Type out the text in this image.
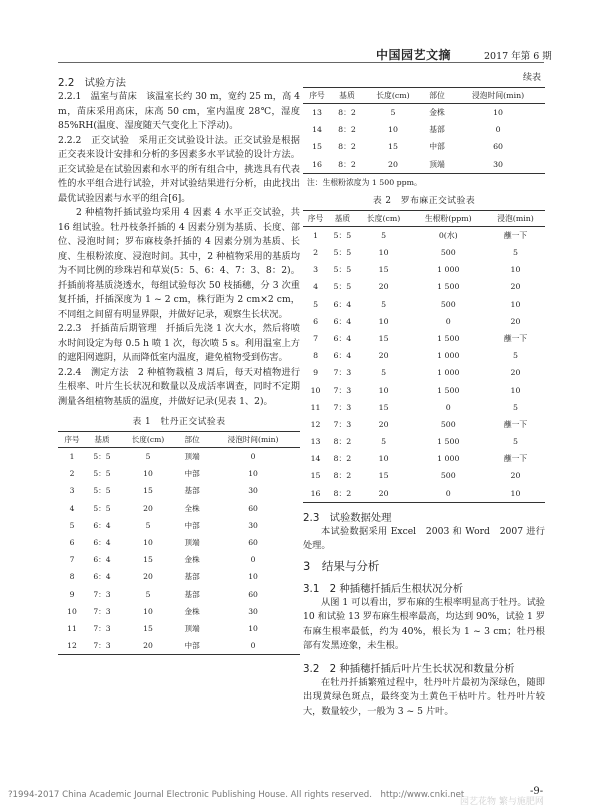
中国园艺文摘	2017 年第 6 期
2.2　试验方法

2.2.1　温室与苗床　该温室长约 30 m，宽约 25 m，高 4 m，苗床采用高床，床高 50 cm，室内温度 28℃，湿度 85%RH(温度、湿度随天气变化上下浮动)。

2.2.2　正交试验　采用正交试验设计法。正交试验是根据正交表来设计安排和分析的多因素多水平试验的设计方法。正交试验是在试验因素和水平的所有组合中，挑选具有代表性的水平组合进行试验，并对试验结果进行分析，由此找出最优试验因素与水平的组合[6]。

2 种植物扦插试验均采用 4 因素 4 水平正交试验，共 16 组试验。牡丹枝条扦插的 4 因素分别为基质、长度、部位、浸泡时间；罗布麻枝条扦插的 4 因素分别为基质、长度、生根粉浓度、浸泡时间。其中，2 种植物采用的基质均为不同比例的珍珠岩和草炭(5：5、6：4、7：3、8：2)。扦插前将基质浇透水，每组试验每次 50 枝插穗，分 3 次重复扦插，扦插深度为 1 ~ 2 cm，株行距为 2 cm×2 cm，不同组之间留有明显界限，并做好记录，观察生长状况。

2.2.3　扦插苗后期管理　扦插后先浇 1 次大水，然后将喷水时间设定为每 0.5 h 喷 1 次，每次喷 5 s。利用温室上方的遮阳网遮阴，从而降低室内温度，避免植物受到伤害。

2.2.4　测定方法　2 种植物栽植 3 周后，每天对植物进行生根率、叶片生长状况和数量以及成活率调查，同时不定期测量各组植物基质的温度，并做好记录(见表 1、2)。

表 1　牡丹正交试验表
序号	基质	长度(cm)	部位	浸泡时间(min)
1	5：5	5	顶端	0
2	5：5	10	中部	10
3	5：5	15	基部	30
4	5：5	20	全株	60
5	6：4	5	中部	30
6	6：4	10	顶端	60
7	6：4	15	金株	0
8	6：4	20	基部	10
9	7：3	5	基部	60
10	7：3	10	金株	30
11	7：3	15	顶端	10
12	7：3	20	中部	0
续表
序号	基质	长度(cm)	部位	浸泡时间(min)
13	8：2	5	金株	10
14	8：2	10	基部	0
15	8：2	15	中部	60
16	8：2	20	顶端	30
注：生根粉浓度为 1 500 ppm。
表 2　罗布麻正交试验表
序号	基质	长度(cm)	生根粉(ppm)	浸泡(min)
1	5：5	5	0(水)	蘸一下
2	5：5	10	500	5
3	5：5	15	1 000	10
4	5：5	20	1 500	20
5	6：4	5	500	10
6	6：4	10	0	20
7	6：4	15	1 500	蘸一下
8	6：4	20	1 000	5
9	7：3	5	1 000	20
10	7：3	10	1 500	10
11	7：3	15	0	5
12	7：3	20	500	蘸一下
13	8：2	5	1 500	5
14	8：2	10	1 000	蘸一下
15	8：2	15	500	20
16	8：2	20	0	10
2.3　试验数据处理

本试验数据采用 Excel　2003 和 Word　2007 进行处理。

3　结果与分析
3.1　2 种插穗扦插后生根状况分析

从图 1 可以看出，罗布麻的生根率明显高于牡丹。试验 10 和试验 13 罗布麻生根率最高，均达到 90%，试验 1 罗布麻生根率最低，约为 40%，根长为 1 ~ 3 cm；牡丹根部有发黑迹象，未生根。

3.2　2 种插穗扦插后叶片生长状况和数量分析

在牡丹扦插繁殖过程中，牡丹叶片最初为深绿色，随即出现黄绿色斑点，最终变为土黄色干枯叶片。牡丹叶片较大，数量较少，一般为 3 ~ 5 片叶。

?1994-2017 China Academic Journal Electronic Publishing House. All rights reserved.　http://www.cnki.net
园艺花物 繁与施肥网
-9-
